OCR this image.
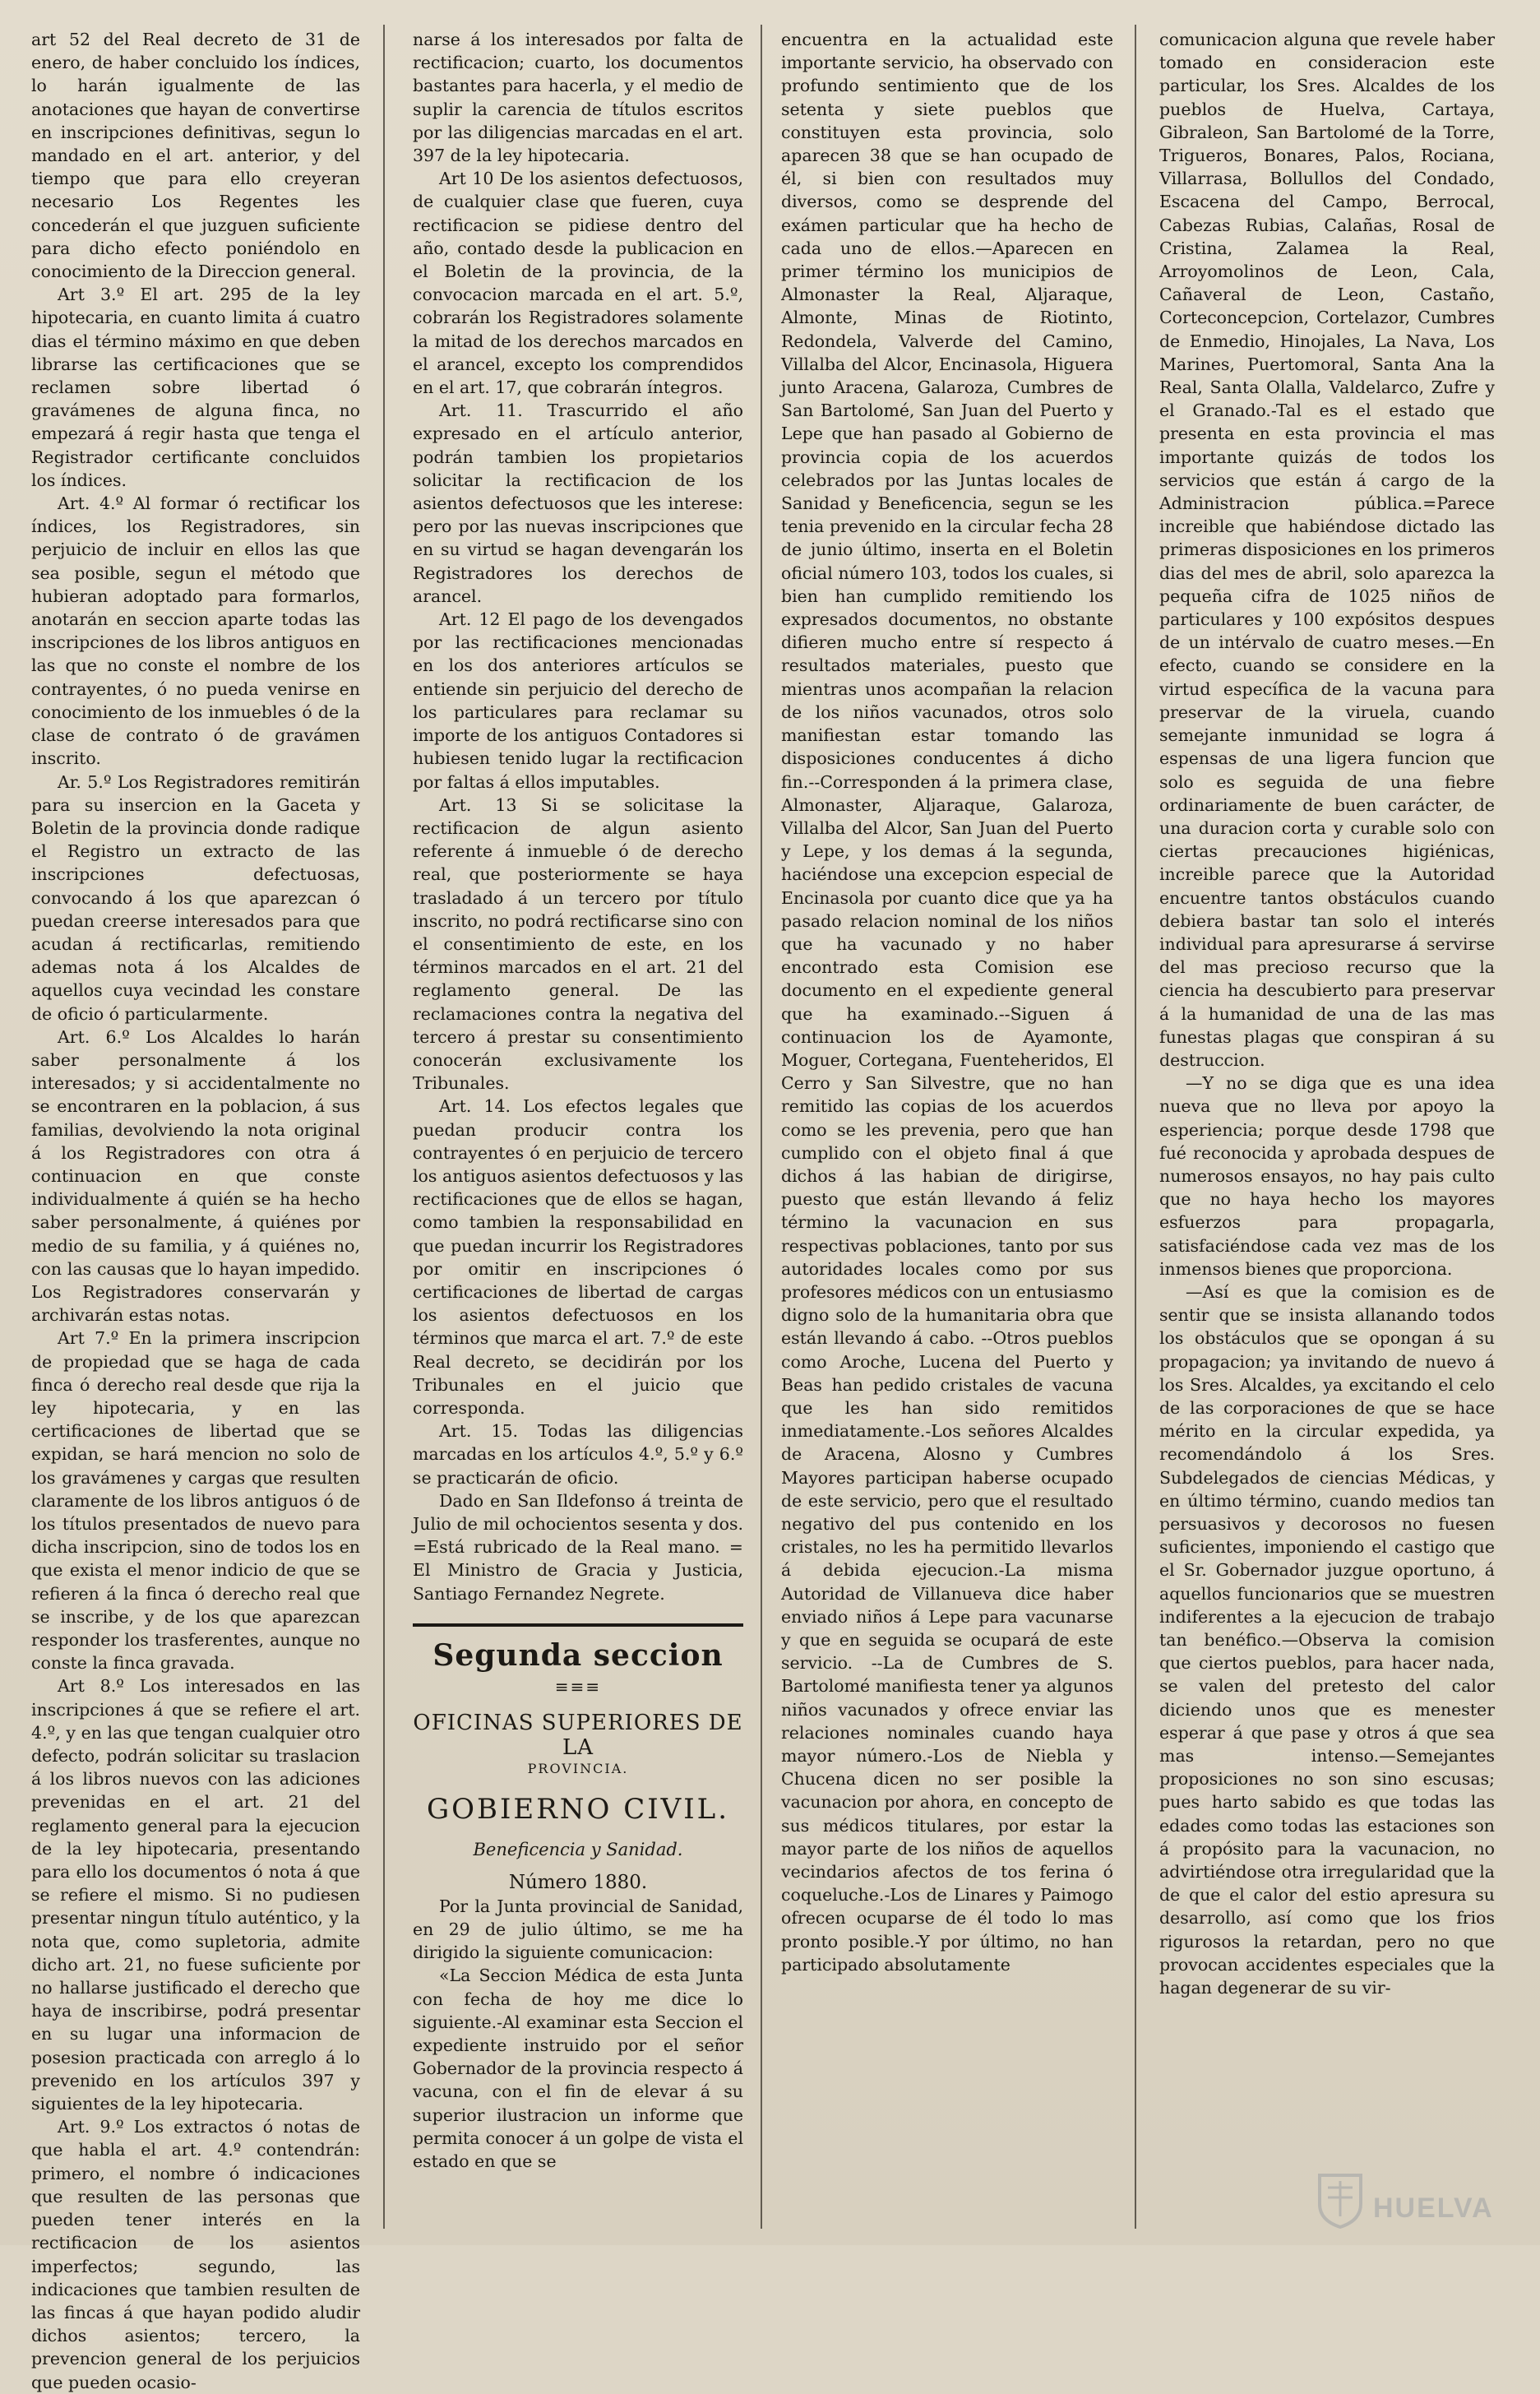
art 52 del Real decreto de 31 de enero, de haber concluido los índices, lo harán igualmente de las anotaciones que hayan de convertirse en inscripciones definitivas, segun lo mandado en el art. anterior, y del tiempo que para ello creyeran necesario Los Regentes les concederán el que juzguen suficiente para dicho efecto poniéndolo en conocimiento de la Direccion general.

Art 3.º El art. 295 de la ley hipotecaria, en cuanto limita á cuatro dias el término máximo en que deben librarse las certificaciones que se reclamen sobre libertad ó gravámenes de alguna finca, no empezará á regir hasta que tenga el Registrador certificante concluidos los índices.

Art. 4.º Al formar ó rectificar los índices, los Registradores, sin perjuicio de incluir en ellos las que sea posible, segun el método que hubieran adoptado para formarlos, anotarán en seccion aparte todas las inscripciones de los libros antiguos en las que no conste el nombre de los contrayentes, ó no pueda venirse en conocimiento de los inmuebles ó de la clase de contrato ó de gravámen inscrito.

Ar. 5.º Los Registradores remitirán para su insercion en la Gaceta y Boletin de la provincia donde radique el Registro un extracto de las inscripciones defectuosas, convocando á los que aparezcan ó puedan creerse interesados para que acudan á rectificarlas, remitiendo ademas nota á los Alcaldes de aquellos cuya vecindad les constare de oficio ó particularmente.

Art. 6.º Los Alcaldes lo harán saber personalmente á los interesados; y si accidentalmente no se encontraren en la poblacion, á sus familias, devolviendo la nota original á los Registradores con otra á continuacion en que conste individualmente á quién se ha hecho saber personalmente, á quiénes por medio de su familia, y á quiénes no, con las causas que lo hayan impedido. Los Registradores conservarán y archivarán estas notas.

Art 7.º En la primera inscripcion de propiedad que se haga de cada finca ó derecho real desde que rija la ley hipotecaria, y en las certificaciones de libertad que se expidan, se hará mencion no solo de los gravámenes y cargas que resulten claramente de los libros antiguos ó de los títulos presentados de nuevo para dicha inscripcion, sino de todos los en que exista el menor indicio de que se refieren á la finca ó derecho real que se inscribe, y de los que aparezcan responder los trasferentes, aunque no conste la finca gravada.

Art 8.º Los interesados en las inscripciones á que se refiere el art. 4.º, y en las que tengan cualquier otro defecto, podrán solicitar su traslacion á los libros nuevos con las adiciones prevenidas en el art. 21 del reglamento general para la ejecucion de la ley hipotecaria, presentando para ello los documentos ó nota á que se refiere el mismo. Si no pudiesen presentar ningun título auténtico, y la nota que, como supletoria, admite dicho art. 21, no fuese suficiente por no hallarse justificado el derecho que haya de inscribirse, podrá presentar en su lugar una informacion de posesion practicada con arreglo á lo prevenido en los artículos 397 y siguientes de la ley hipotecaria.

Art. 9.º Los extractos ó notas de que habla el art. 4.º contendrán: primero, el nombre ó indicaciones que resulten de las personas que pueden tener interés en la rectificacion de los asientos imperfectos; segundo, las indicaciones que tambien resulten de las fincas á que hayan podido aludir dichos asientos; tercero, la prevencion general de los perjuicios que pueden ocasio-

narse á los interesados por falta de rectificacion; cuarto, los documentos bastantes para hacerla, y el medio de suplir la carencia de títulos escritos por las diligencias marcadas en el art. 397 de la ley hipotecaria.

Art 10 De los asientos defectuosos, de cualquier clase que fueren, cuya rectificacion se pidiese dentro del año, contado desde la publicacion en el Boletin de la provincia, de la convocacion marcada en el art. 5.º, cobrarán los Registradores solamente la mitad de los derechos marcados en el arancel, excepto los comprendidos en el art. 17, que cobrarán íntegros.

Art. 11. Trascurrido el año expresado en el artículo anterior, podrán tambien los propietarios solicitar la rectificacion de los asientos defectuosos que les interese: pero por las nuevas inscripciones que en su virtud se hagan devengarán los Registradores los derechos de arancel.

Art. 12 El pago de los devengados por las rectificaciones mencionadas en los dos anteriores artículos se entiende sin perjuicio del derecho de los particulares para reclamar su importe de los antiguos Contadores si hubiesen tenido lugar la rectificacion por faltas á ellos imputables.

Art. 13 Si se solicitase la rectificacion de algun asiento referente á inmueble ó de derecho real, que posteriormente se haya trasladado á un tercero por título inscrito, no podrá rectificarse sino con el consentimiento de este, en los términos marcados en el art. 21 del reglamento general. De las reclamaciones contra la negativa del tercero á prestar su consentimiento conocerán exclusivamente los Tribunales.

Art. 14. Los efectos legales que puedan producir contra los contrayentes ó en perjuicio de tercero los antiguos asientos defectuosos y las rectificaciones que de ellos se hagan, como tambien la responsabilidad en que puedan incurrir los Registradores por omitir en inscripciones ó certificaciones de libertad de cargas los asientos defectuosos en los términos que marca el art. 7.º de este Real decreto, se decidirán por los Tribunales en el juicio que corresponda.

Art. 15. Todas las diligencias marcadas en los artículos 4.º, 5.º y 6.º se practicarán de oficio.

Dado en San Ildefonso á treinta de Julio de mil ochocientos sesenta y dos. =Está rubricado de la Real mano. = El Ministro de Gracia y Justicia, Santiago Fernandez Negrete.

Segunda seccion
≡≡≡
OFICINAS SUPERIORES DE LA
PROVINCIA.
GOBIERNO CIVIL.
Beneficencia y Sanidad.
Número 1880.

Por la Junta provincial de Sanidad, en 29 de julio último, se me ha dirigido la siguiente comunicacion:

«La Seccion Médica de esta Junta con fecha de hoy me dice lo siguiente.-Al examinar esta Seccion el expediente instruido por el señor Gobernador de la provincia respecto á vacuna, con el fin de elevar á su superior ilustracion un informe que permita conocer á un golpe de vista el estado en que se

encuentra en la actualidad este importante servicio, ha observado con profundo sentimiento que de los setenta y siete pueblos que constituyen esta provincia, solo aparecen 38 que se han ocupado de él, si bien con resultados muy diversos, como se desprende del exámen particular que ha hecho de cada uno de ellos.—Aparecen en primer término los municipios de Almonaster la Real, Aljaraque, Almonte, Minas de Riotinto, Redondela, Valverde del Camino, Villalba del Alcor, Encinasola, Higuera junto Aracena, Galaroza, Cumbres de San Bartolomé, San Juan del Puerto y Lepe que han pasado al Gobierno de provincia copia de los acuerdos celebrados por las Juntas locales de Sanidad y Beneficencia, segun se les tenia prevenido en la circular fecha 28 de junio último, inserta en el Boletin oficial número 103, todos los cuales, si bien han cumplido remitiendo los expresados documentos, no obstante difieren mucho entre sí respecto á resultados materiales, puesto que mientras unos acompañan la relacion de los niños vacunados, otros solo manifiestan estar tomando las disposiciones conducentes á dicho fin.--Corresponden á la primera clase, Almonaster, Aljaraque, Galaroza, Villalba del Alcor, San Juan del Puerto y Lepe, y los demas á la segunda, haciéndose una excepcion especial de Encinasola por cuanto dice que ya ha pasado relacion nominal de los niños que ha vacunado y no haber encontrado esta Comision ese documento en el expediente general que ha examinado.--Siguen á continuacion los de Ayamonte, Moguer, Cortegana, Fuenteheridos, El Cerro y San Silvestre, que no han remitido las copias de los acuerdos como se les prevenia, pero que han cumplido con el objeto final á que dichos á las habian de dirigirse, puesto que están llevando á feliz término la vacunacion en sus respectivas poblaciones, tanto por sus autoridades locales como por sus profesores médicos con un entusiasmo digno solo de la humanitaria obra que están llevando á cabo. --Otros pueblos como Aroche, Lucena del Puerto y Beas han pedido cristales de vacuna que les han sido remitidos inmediatamente.-Los señores Alcaldes de Aracena, Alosno y Cumbres Mayores participan haberse ocupado de este servicio, pero que el resultado negativo del pus contenido en los cristales, no les ha permitido llevarlos á debida ejecucion.-La misma Autoridad de Villanueva dice haber enviado niños á Lepe para vacunarse y que en seguida se ocupará de este servicio. --La de Cumbres de S. Bartolomé manifiesta tener ya algunos niños vacunados y ofrece enviar las relaciones nominales cuando haya mayor número.-Los de Niebla y Chucena dicen no ser posible la vacunacion por ahora, en concepto de sus médicos titulares, por estar la mayor parte de los niños de aquellos vecindarios afectos de tos ferina ó coqueluche.-Los de Linares y Paimogo ofrecen ocuparse de él todo lo mas pronto posible.-Y por último, no han participado absolutamente

comunicacion alguna que revele haber tomado en consideracion este particular, los Sres. Alcaldes de los pueblos de Huelva, Cartaya, Gibraleon, San Bartolomé de la Torre, Trigueros, Bonares, Palos, Rociana, Villarrasa, Bollullos del Condado, Escacena del Campo, Berrocal, Cabezas Rubias, Calañas, Rosal de Cristina, Zalamea la Real, Arroyomolinos de Leon, Cala, Cañaveral de Leon, Castaño, Corteconcepcion, Cortelazor, Cumbres de Enmedio, Hinojales, La Nava, Los Marines, Puertomoral, Santa Ana la Real, Santa Olalla, Valdelarco, Zufre y el Granado.-Tal es el estado que presenta en esta provincia el mas importante quizás de todos los servicios que están á cargo de la Administracion pública.=Parece increible que habiéndose dictado las primeras disposiciones en los primeros dias del mes de abril, solo aparezca la pequeña cifra de 1025 niños de particulares y 100 expósitos despues de un intérvalo de cuatro meses.—En efecto, cuando se considere en la virtud específica de la vacuna para preservar de la viruela, cuando semejante inmunidad se logra á espensas de una ligera funcion que solo es seguida de una fiebre ordinariamente de buen carácter, de una duracion corta y curable solo con ciertas precauciones higiénicas, increible parece que la Autoridad encuentre tantos obstáculos cuando debiera bastar tan solo el interés individual para apresurarse á servirse del mas precioso recurso que la ciencia ha descubierto para preservar á la humanidad de una de las mas funestas plagas que conspiran á su destruccion.

—Y no se diga que es una idea nueva que no lleva por apoyo la esperiencia; porque desde 1798 que fué reconocida y aprobada despues de numerosos ensayos, no hay pais culto que no haya hecho los mayores esfuerzos para propagarla, satisfaciéndose cada vez mas de los inmensos bienes que proporciona.

—Así es que la comision es de sentir que se insista allanando todos los obstáculos que se opongan á su propagacion; ya invitando de nuevo á los Sres. Alcaldes, ya excitando el celo de las corporaciones de que se hace mérito en la circular expedida, ya recomendándolo á los Sres. Subdelegados de ciencias Médicas, y en último término, cuando medios tan persuasivos y decorosos no fuesen suficientes, imponiendo el castigo que el Sr. Gobernador juzgue oportuno, á aquellos funcionarios que se muestren indiferentes a la ejecucion de trabajo tan benéfico.—Observa la comision que ciertos pueblos, para hacer nada, se valen del pretesto del calor diciendo unos que es menester esperar á que pase y otros á que sea mas intenso.—Semejantes proposiciones no son sino escusas; pues harto sabido es que todas las edades como todas las estaciones son á propósito para la vacunacion, no advirtiéndose otra irregularidad que la de que el calor del estio apresura su desarrollo, así como que los frios rigurosos la retardan, pero no que provocan accidentes especiales que la hagan degenerar de su vir-

HUELVA
